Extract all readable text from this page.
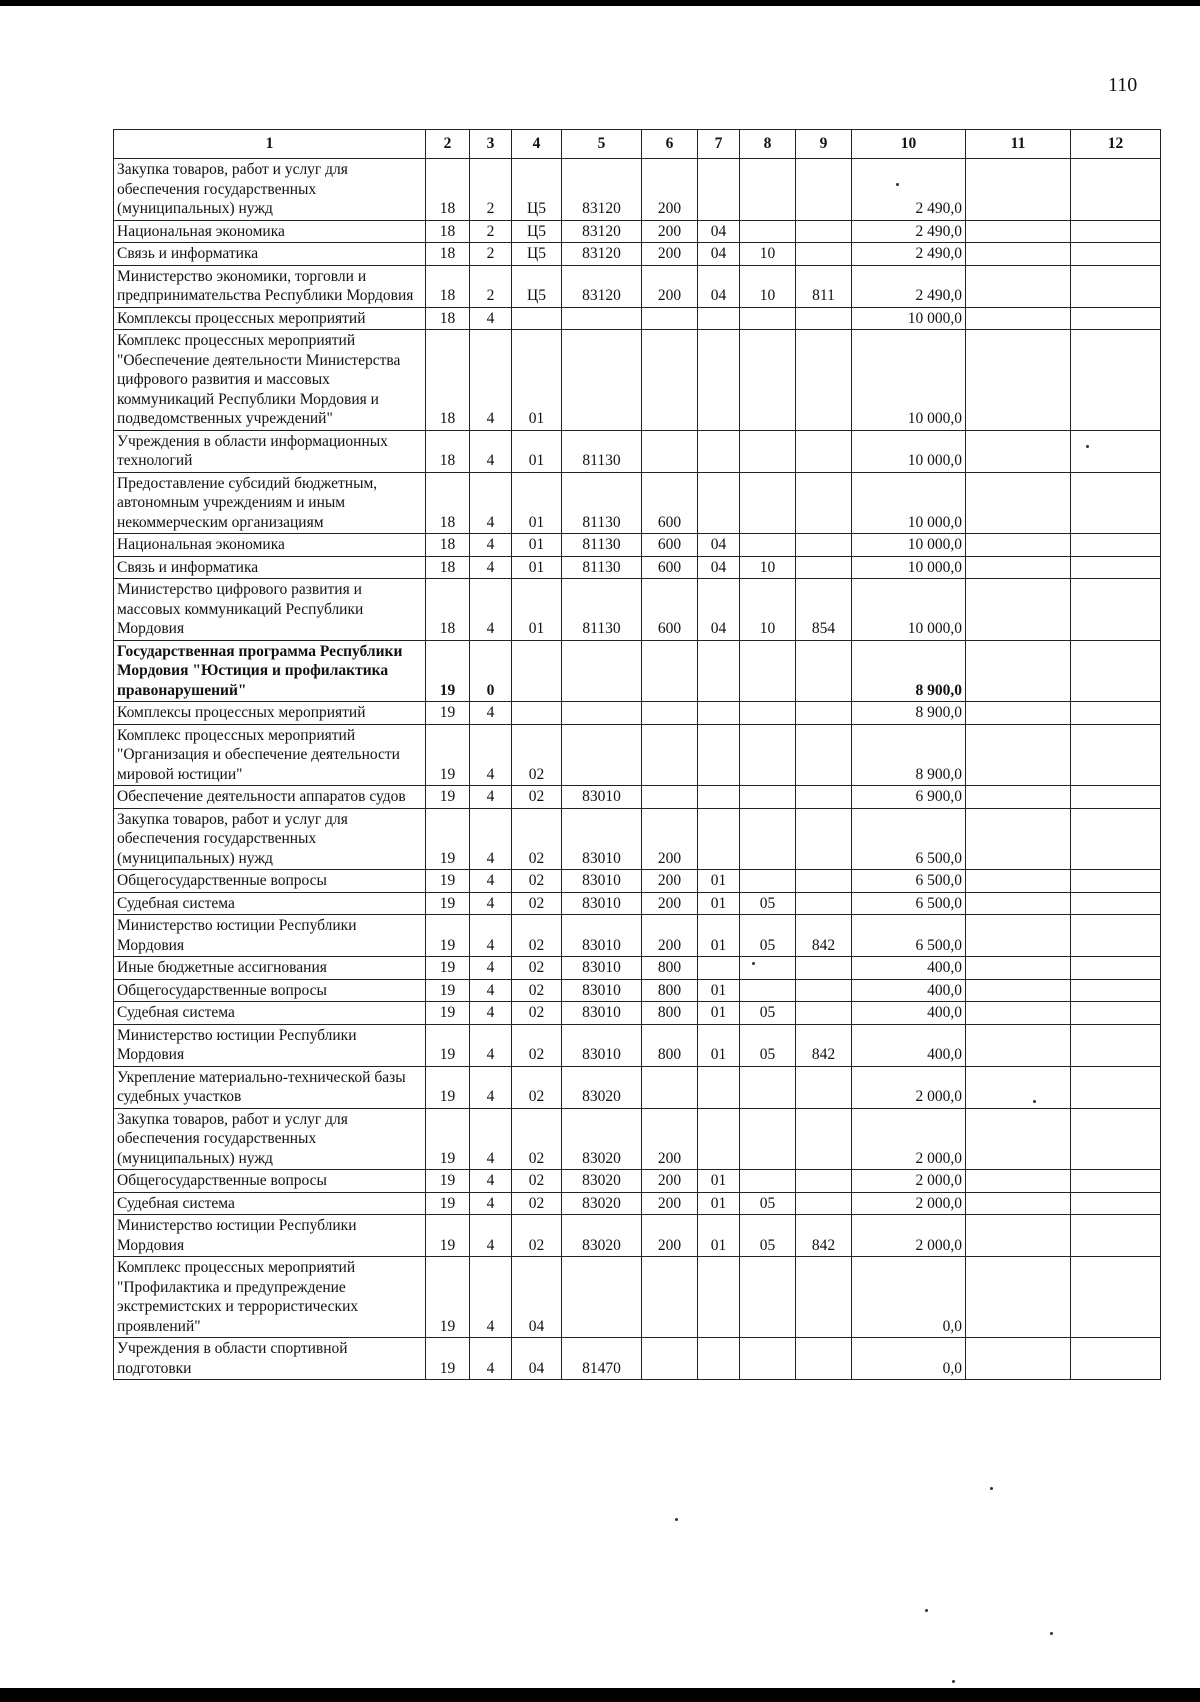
110
1	2	3	4	5	6	7	8	9	10	11	12
Закупка товаров, работ и услуг для обеспечения государственных (муниципальных) нужд	18	2	Ц5	83120	200				2 490,0		
Национальная экономика	18	2	Ц5	83120	200	04			2 490,0		
Связь и информатика	18	2	Ц5	83120	200	04	10		2 490,0		
Министерство экономики, торговли и предпринимательства Республики Мордовия	18	2	Ц5	83120	200	04	10	811	2 490,0		
Комплексы процессных мероприятий	18	4							10 000,0		
Комплекс процессных мероприятий "Обеспечение деятельности Министерства цифрового развития и массовых коммуникаций Республики Мордовия и подведомственных учреждений"	18	4	01						10 000,0		
Учреждения в области информационных технологий	18	4	01	81130					10 000,0		
Предоставление субсидий бюджетным, автономным учреждениям и иным некоммерческим организациям	18	4	01	81130	600				10 000,0		
Национальная экономика	18	4	01	81130	600	04			10 000,0		
Связь и информатика	18	4	01	81130	600	04	10		10 000,0		
Министерство цифрового развития и массовых коммуникаций Республики Мордовия	18	4	01	81130	600	04	10	854	10 000,0		
Государственная программа Республики Мордовия "Юстиция и профилактика правонарушений"	19	0							8 900,0		
Комплексы процессных мероприятий	19	4							8 900,0		
Комплекс процессных мероприятий "Организация и обеспечение деятельности мировой юстиции"	19	4	02						8 900,0		
Обеспечение деятельности аппаратов судов	19	4	02	83010					6 900,0		
Закупка товаров, работ и услуг для обеспечения государственных (муниципальных) нужд	19	4	02	83010	200				6 500,0		
Общегосударственные вопросы	19	4	02	83010	200	01			6 500,0		
Судебная система	19	4	02	83010	200	01	05		6 500,0		
Министерство юстиции Республики Мордовия	19	4	02	83010	200	01	05	842	6 500,0		
Иные бюджетные ассигнования	19	4	02	83010	800				400,0		
Общегосударственные вопросы	19	4	02	83010	800	01			400,0		
Судебная система	19	4	02	83010	800	01	05		400,0		
Министерство юстиции Республики Мордовия	19	4	02	83010	800	01	05	842	400,0		
Укрепление материально-технической базы судебных участков	19	4	02	83020					2 000,0		
Закупка товаров, работ и услуг для обеспечения государственных (муниципальных) нужд	19	4	02	83020	200				2 000,0		
Общегосударственные вопросы	19	4	02	83020	200	01			2 000,0		
Судебная система	19	4	02	83020	200	01	05		2 000,0		
Министерство юстиции Республики Мордовия	19	4	02	83020	200	01	05	842	2 000,0		
Комплекс процессных мероприятий "Профилактика и предупреждение экстремистских и террористических проявлений"	19	4	04						0,0		
Учреждения в области спортивной подготовки	19	4	04	81470					0,0		
